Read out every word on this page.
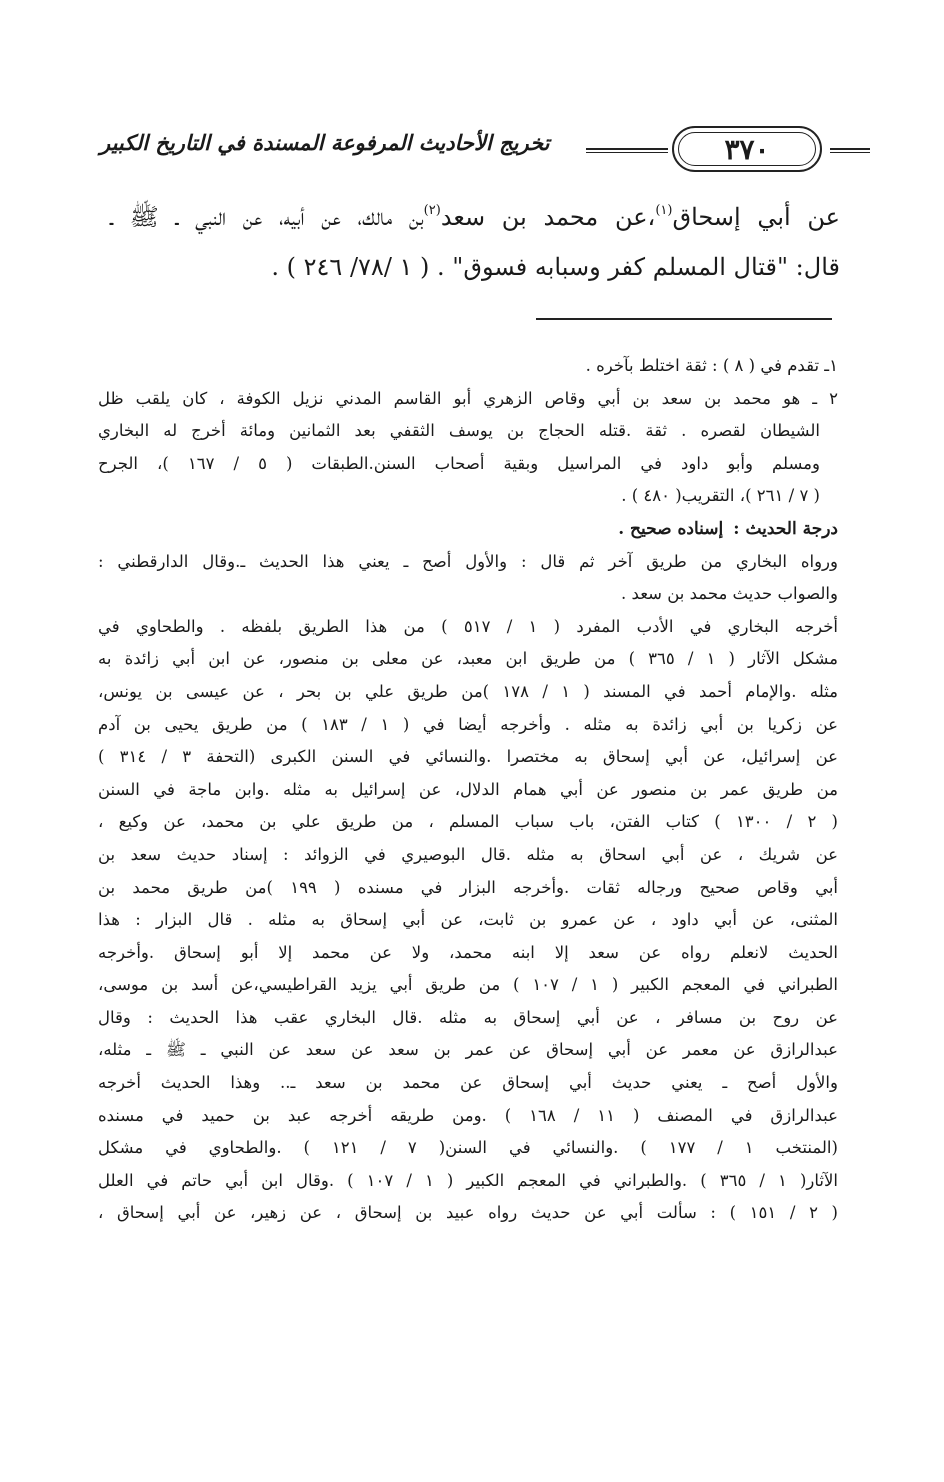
تخريج الأحاديث المرفوعة المسندة في التاريخ الكبير	٣٧٠

عن أبي إسحاق$^{(١)}$،عن محمد بن سعد$^{(٢)}$بن مالك، عن أبيه، عن النبي ـ ﷺ ـ

قال: "قتال المسلم كفر وسبابه فسوق" . ( ١ /٧٨/ ٢٤٦ ) .

١ـ تقدم في ( ٨ ) : ثقة اختلط بآخره .
٢ ـ هو محمد بن سعد بن أبي وقاص الزهري أبو القاسم المدني نزيل الكوفة ، كان يلقب ظل
الشيطان لقصره . ثقة .قتله الحجاج بن يوسف الثقفي بعد الثمانين ومائة أخرج له البخاري
ومسلم وأبو داود في المراسيل وبقية أصحاب السنن.الطبقات ( ٥ / ١٦٧ )، الجرح
( ٧ / ٢٦١ )، التقريب( ٤٨٠ ) .
درجة الحديث :إسناده صحيح .
ورواه البخاري من طريق آخر ثم قال : والأول أصح ـ يعني هذا الحديث ـ.وقال الدارقطني :
والصواب حديث محمد بن سعد .
أخرجه البخاري في الأدب المفرد ( ١ / ٥١٧ ) من هذا الطريق بلفظه . والطحاوي في
مشكل الآثار ( ١ / ٣٦٥ ) من طريق ابن معبد، عن معلى بن منصور، عن ابن أبي زائدة به
مثله .والإمام أحمد في المسند ( ١ / ١٧٨ )من طريق علي بن بحر ، عن عيسى بن يونس،
عن زكريا بن أبي زائدة به مثله . وأخرجه أيضا في ( ١ / ١٨٣ ) من طريق يحيى بن آدم
عن إسرائيل، عن أبي إسحاق به مختصرا .والنسائي في السنن الكبرى (التحفة ٣ / ٣١٤ )
من طريق عمر بن منصور عن أبي همام الدلال، عن إسرائيل به مثله .وابن ماجة في السنن
( ٢ / ١٣٠٠ ) كتاب الفتن، باب سباب المسلم ، من طريق علي بن محمد، عن وكيع ،
عن شريك ، عن أبي اسحاق به مثله .قال البوصيري في الزوائد : إسناد حديث سعد بن
أبي وقاص صحيح ورجاله ثقات .وأخرجه البزار في مسنده ( ١٩٩ )من طريق محمد بن
المثنى، عن أبي داود ، عن عمرو بن ثابت، عن أبي إسحاق به مثله . قال البزار : هذا
الحديث لانعلم رواه عن سعد إلا ابنه محمد، ولا عن محمد إلا أبو إسحاق .وأخرجه
الطبراني في المعجم الكبير ( ١ / ١٠٧ ) من طريق أبي يزيد القراطيسي،عن أسد بن موسى،
عن روح بن مسافر ، عن أبي إسحاق به مثله .قال البخاري عقب هذا الحديث : وقال
عبدالرازق عن معمر عن أبي إسحاق عن عمر بن سعد عن سعد عن النبي ـ ﷺ ـ مثله،
والأول أصح ـ يعني حديث أبي إسحاق عن محمد بن سعد ـ.. وهذا الحديث أخرجه
عبدالرازق في المصنف ( ١١ / ١٦٨ ) .ومن طريقه أخرجه عبد بن حميد في مسنده
(المنتخب ١ / ١٧٧ ) .والنسائي في السنن( ٧ / ١٢١ ) .والطحاوي في مشكل
الآثار( ١ / ٣٦٥ ) .والطبراني في المعجم الكبير ( ١ / ١٠٧ ) .وقال ابن أبي حاتم في العلل
( ٢ / ١٥١ ) : سألت أبي عن حديث رواه عبيد بن إسحاق ، عن زهير، عن أبي إسحاق ،
